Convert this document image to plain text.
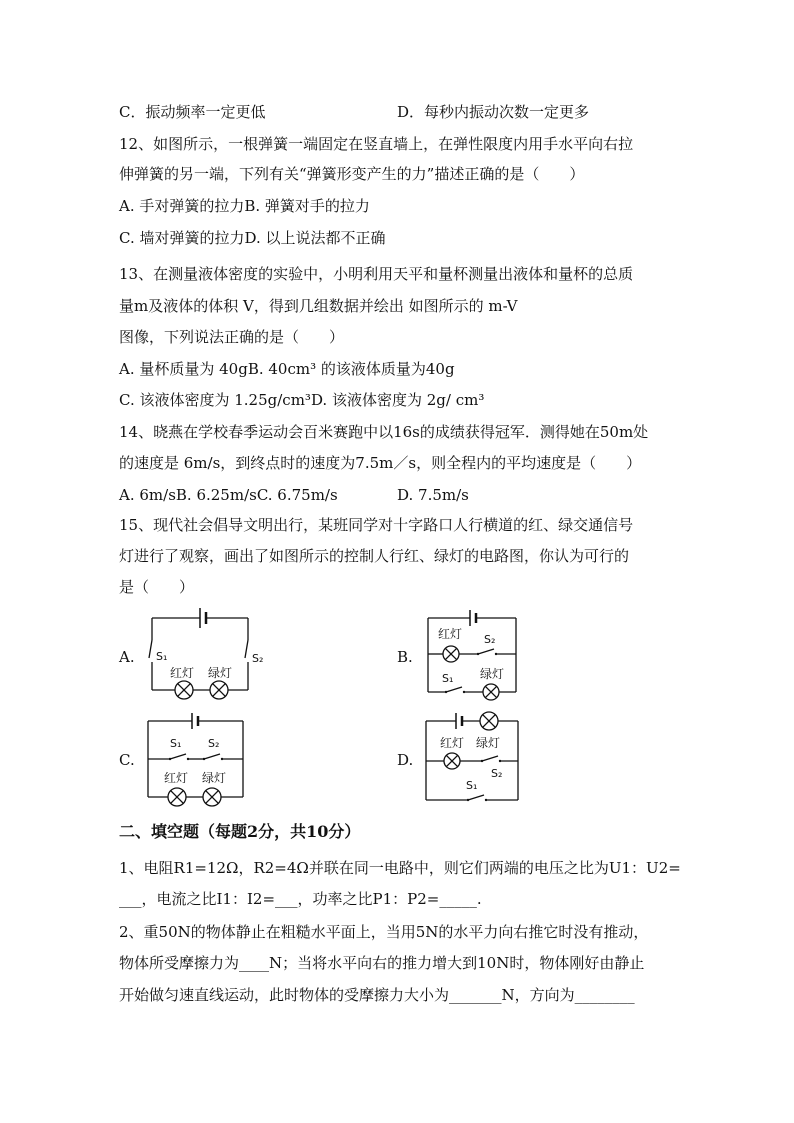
C．振动频率一定更低	D．每秒内振动次数一定更多
12、如图所示，一根弹簧一端固定在竖直墙上，在弹性限度内用手水平向右拉
伸弹簧的另一端，下列有关“弹簧形变产生的力”描述正确的是（　　）
A. 手对弹簧的拉力B. 弹簧对手的拉力
C. 墙对弹簧的拉力D. 以上说法都不正确
13、在测量液体密度的实验中，小明利用天平和量杯测量出液体和量杯的总质
量m及液体的体积 V，得到几组数据并绘出 如图所示的 m-V
图像，下列说法正确的是（　　）
A. 量杯质量为 40gB. 40cm³ 的该液体质量为40g
C. 该液体密度为 1.25g/cm³D. 该液体密度为 2g/ cm³
14、晓燕在学校春季运动会百米赛跑中以16s的成绩获得冠军．测得她在50m处
的速度是 6m/s，到终点时的速度为7.5m／s，则全程内的平均速度是（　　）
A. 6m/sB. 6.25m/sC. 6.75m/s	D. 7.5m/s
15、现代社会倡导文明出行，某班同学对十字路口人行横道的红、绿交通信号
灯进行了观察，画出了如图所示的控制人行红、绿灯的电路图，你认为可行的
是（　　）
A.	B.
C.	D.
S₁	S₂
红灯 绿灯
红灯 S₂
S₁ 绿灯
S₁ S₂
红灯 绿灯
红灯 绿灯
S₂
S₁
二、填空题（每题2分，共10分）
1、电阻R1=12Ω，R2=4Ω并联在同一电路中，则它们两端的电压之比为U1：U2=
___，电流之比I1：I2=___，功率之比P1：P2=_____.
2、重50N的物体静止在粗糙水平面上，当用5N的水平力向右推它时没有推动，
物体所受摩擦力为____N；当将水平向右的推力增大到10N时，物体刚好由静止
开始做匀速直线运动，此时物体的受摩擦力大小为_______N，方向为________
